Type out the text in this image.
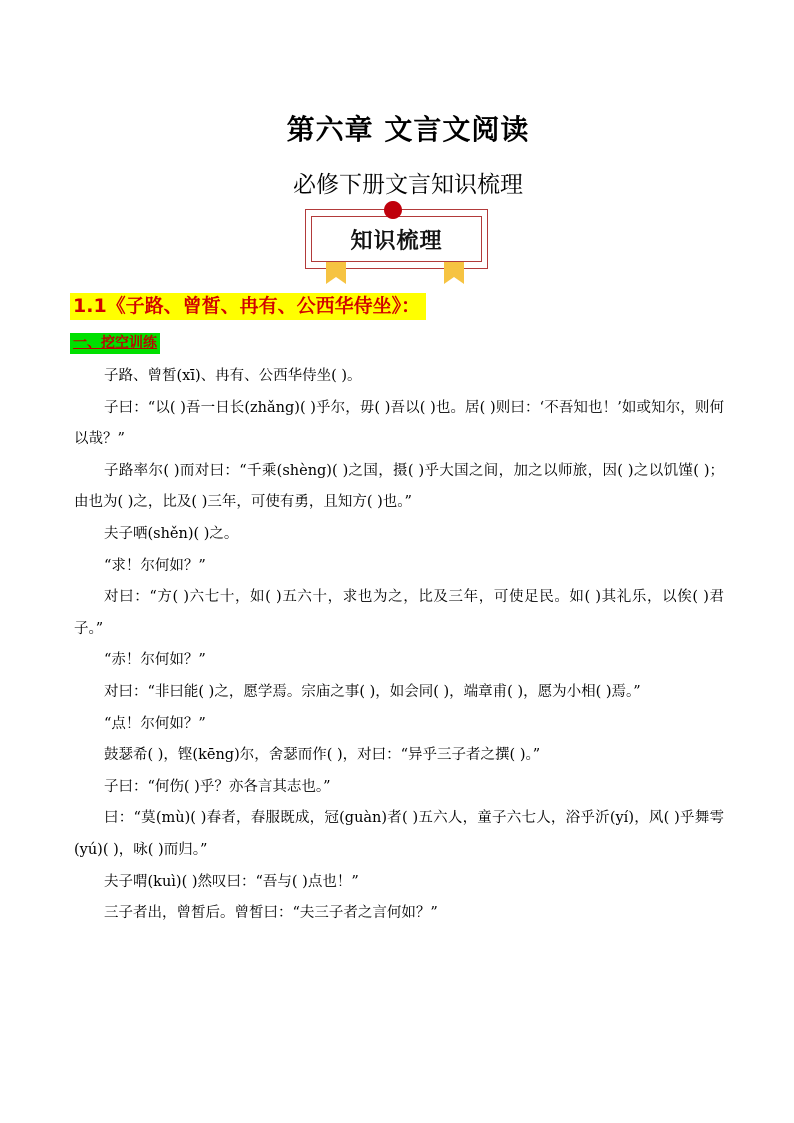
第六章 文言文阅读
必修下册文言知识梳理
知识梳理
1.1《子路、曾皙、冉有、公西华侍坐》：
一、挖空训练

子路、曾皙(xī)、冉有、公西华侍坐( )。

子曰：“以( )吾一日长(zhǎng)( )乎尔，毋( )吾以( )也。居( )则曰：‘不吾知也！’如或知尔，则何以哉？”

子路率尔( )而对曰：“千乘(shèng)( )之国，摄( )乎大国之间，加之以师旅，因( )之以饥馑( )；由也为( )之，比及( )三年，可使有勇，且知方( )也。”

夫子哂(shěn)( )之。

“求！尔何如？”

对曰：“方( )六七十，如( )五六十，求也为之，比及三年，可使足民。如( )其礼乐，以俟( )君子。”

“赤！尔何如？”

对曰：“非曰能( )之，愿学焉。宗庙之事( )，如会同( )，端章甫( )，愿为小相( )焉。”

“点！尔何如？”

鼓瑟希( )，铿(kēng)尔，舍瑟而作( )，对曰：“异乎三子者之撰( )。”

子曰：“何伤( )乎？亦各言其志也。”

曰：“莫(mù)( )春者，春服既成，冠(guàn)者( )五六人，童子六七人，浴乎沂(yí)，风( )乎舞雩(yú)( )，咏( )而归。”

夫子喟(kuì)( )然叹曰：“吾与( )点也！”

三子者出，曾皙后。曾皙曰：“夫三子者之言何如？”
